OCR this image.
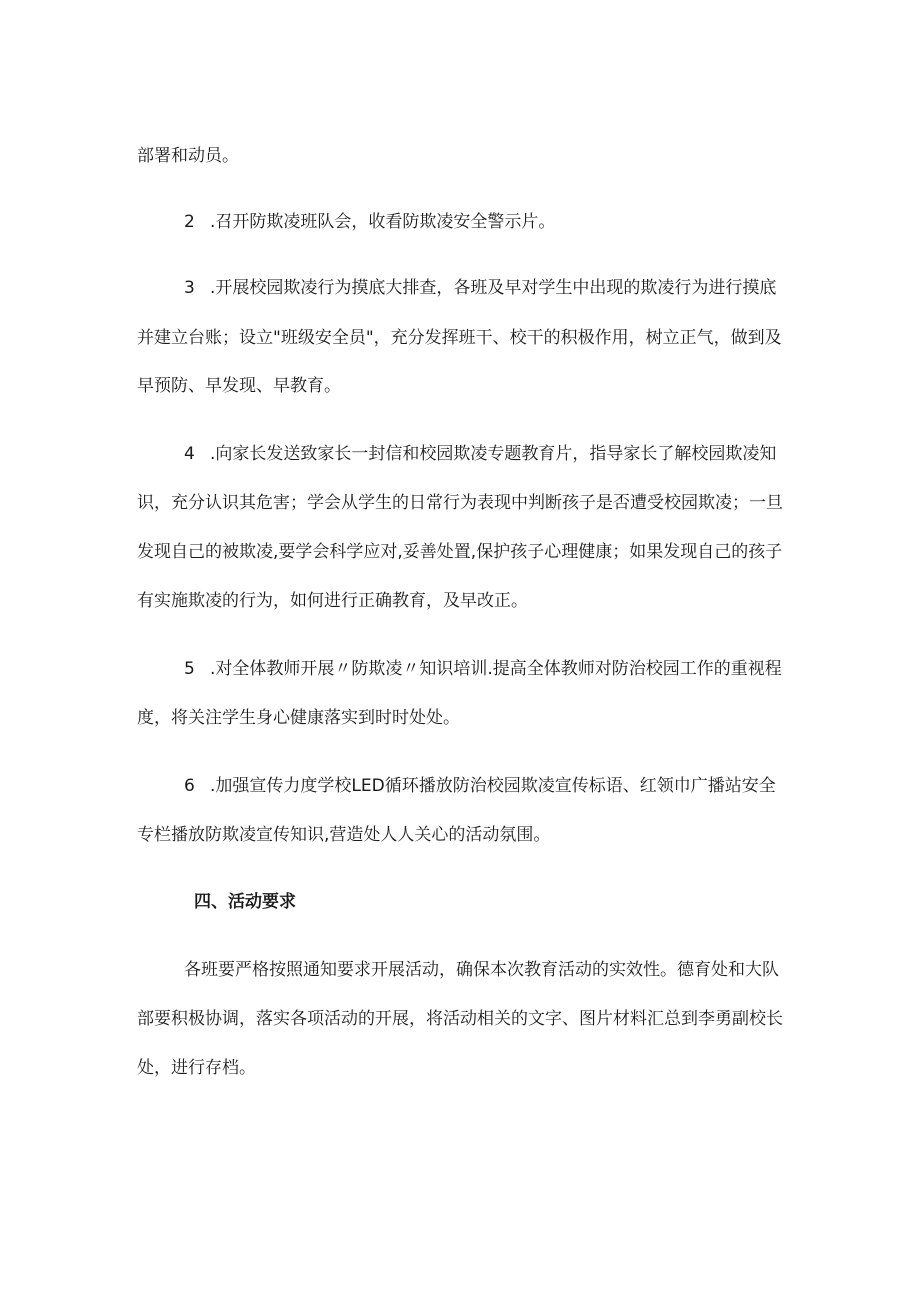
部署和动员。
2 .召开防欺凌班队会，收看防欺凌安全警示片。
3 .开展校园欺凌行为摸底大排查，各班及早对学生中出现的欺凌行为进行摸底
并建立台账；设立"班级安全员"，充分发挥班干、校干的积极作用，树立正气，做到及
早预防、早发现、早教育。
4 .向家长发送致家长一封信和校园欺凌专题教育片，指导家长了解校园欺凌知
识，充分认识其危害；学会从学生的日常行为表现中判断孩子是否遭受校园欺凌；一旦
发现自己的被欺凌,要学会科学应对,妥善处置,保护孩子心理健康；如果发现自己的孩子
有实施欺凌的行为，如何进行正确教育，及早改正。
5 .对全体教师开展〃防欺凌〃知识培训.提高全体教师对防治校园工作的重视程
度，将关注学生身心健康落实到时时处处。
6 .加强宣传力度学校LED循环播放防治校园欺凌宣传标语、红领巾广播站安全
专栏播放防欺凌宣传知识,营造处人人关心的活动氛围。
四、活动要求
各班要严格按照通知要求开展活动，确保本次教育活动的实效性。德育处和大队
部要积极协调，落实各项活动的开展，将活动相关的文字、图片材料汇总到李勇副校长
处，进行存档。
